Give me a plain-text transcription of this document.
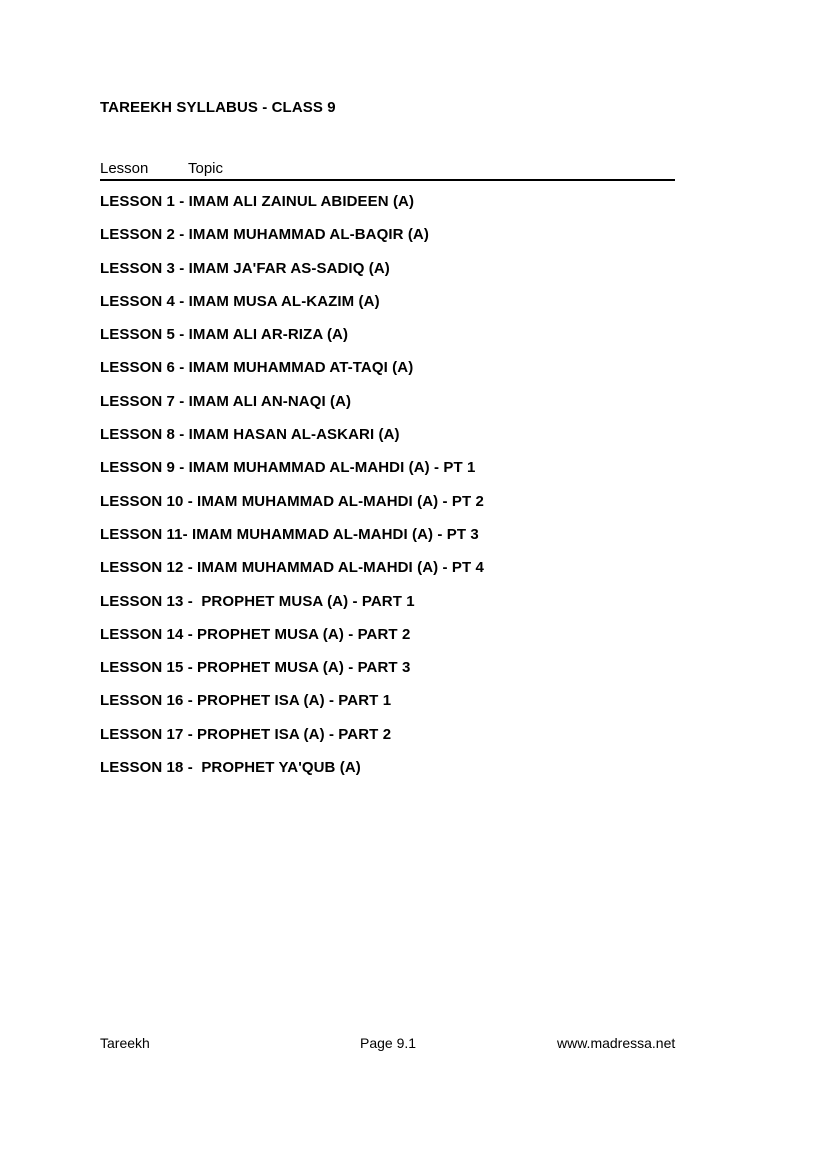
TAREEKH SYLLABUS - CLASS 9
Lesson	Topic
LESSON 1 - IMAM ALI ZAINUL ABIDEEN (A)
LESSON 2 - IMAM MUHAMMAD AL-BAQIR (A)
LESSON 3 - IMAM JA'FAR AS-SADIQ (A)
LESSON 4 - IMAM MUSA AL-KAZIM (A)
LESSON 5 - IMAM ALI AR-RIZA (A)
LESSON 6 - IMAM MUHAMMAD AT-TAQI (A)
LESSON 7 - IMAM ALI AN-NAQI (A)
LESSON 8 - IMAM HASAN AL-ASKARI (A)
LESSON 9 - IMAM MUHAMMAD AL-MAHDI (A) - PT 1
LESSON 10 - IMAM MUHAMMAD AL-MAHDI (A) - PT 2
LESSON 11- IMAM MUHAMMAD AL-MAHDI (A) - PT 3
LESSON 12 - IMAM MUHAMMAD AL-MAHDI (A) - PT 4
LESSON 13 -  PROPHET MUSA (A) - PART 1
LESSON 14 - PROPHET MUSA (A) - PART 2
LESSON 15 - PROPHET MUSA (A) - PART 3
LESSON 16 - PROPHET ISA (A) - PART 1
LESSON 17 - PROPHET ISA (A) - PART 2
LESSON 18 -  PROPHET YA'QUB (A)
Tareekh	Page 9.1	www.madressa.net
